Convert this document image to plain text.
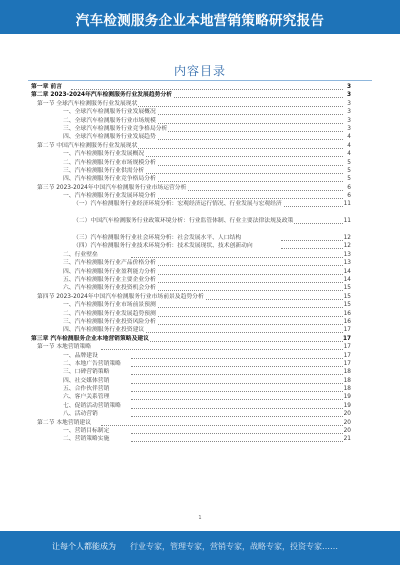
汽车检测服务企业本地营销策略研究报告
内容目录
第一章 前言	3
第二章 2023-2024年汽车检测服务行业发展趋势分析	3
第一节 全球汽车检测服务行业发展现状	3
一、全球汽车检测服务行业发展概况	3
二、全球汽车检测服务行业市场规模	3
三、全球汽车检测服务行业竞争格局分析	3
四、全球汽车检测服务行业发展趋势	4
第二节 中国汽车检测服务行业发展现状	4
一、汽车检测服务行业发展概况	4
二、汽车检测服务行业市场规模分析	5
三、汽车检测服务行业供需分析	5
四、汽车检测服务行业竞争格局分析	5
第三节 2023-2024年中国汽车检测服务行业市场运营分析	6
一、汽车检测服务行业发展环境分析	6
（一）汽车检测服务行业经济环境分析：宏观经济运行情况、行业发展与宏观经济	11
（二）中国汽车检测服务行业政策环境分析：行业监管体制、行业主要法律法规及政策	11
（三）汽车检测服务行业社会环境分析：社会发展水平、人口结构	12
（四）汽车检测服务行业技术环境分析：技术发展现状、技术创新动向	12
二、行业壁垒	13
三、汽车检测服务行业产品价格分析	13
四、汽车检测服务行业盈利能力分析	14
五、汽车检测服务行业主要企业分析	14
六、汽车检测服务行业投资机会分析	15
第四节 2023-2024年中国汽车检测服务行业市场前景及趋势分析	15
一、汽车检测服务行业市场前景预测	15
二、汽车检测服务行业发展趋势预测	16
三、汽车检测服务行业投资风险分析	16
四、汽车检测服务行业投资建议	17
第三章 汽车检测服务企业本地营销策略及建议	17
第一节 本地营销策略	17
一、品牌建设	17
二、本地广告营销策略	17
三、口碑营销策略	18
四、社交媒体营销	18
五、合作伙伴营销	18
六、客户关系管理	19
七、促销活动营销策略	19
八、活动营销	20
第二节 本地营销建议	20
一、营销目标制定	20
二、营销策略实施	21
1
让每个人都能成为 行业专家，管理专家，营销专家，战略专家，投资专家……
